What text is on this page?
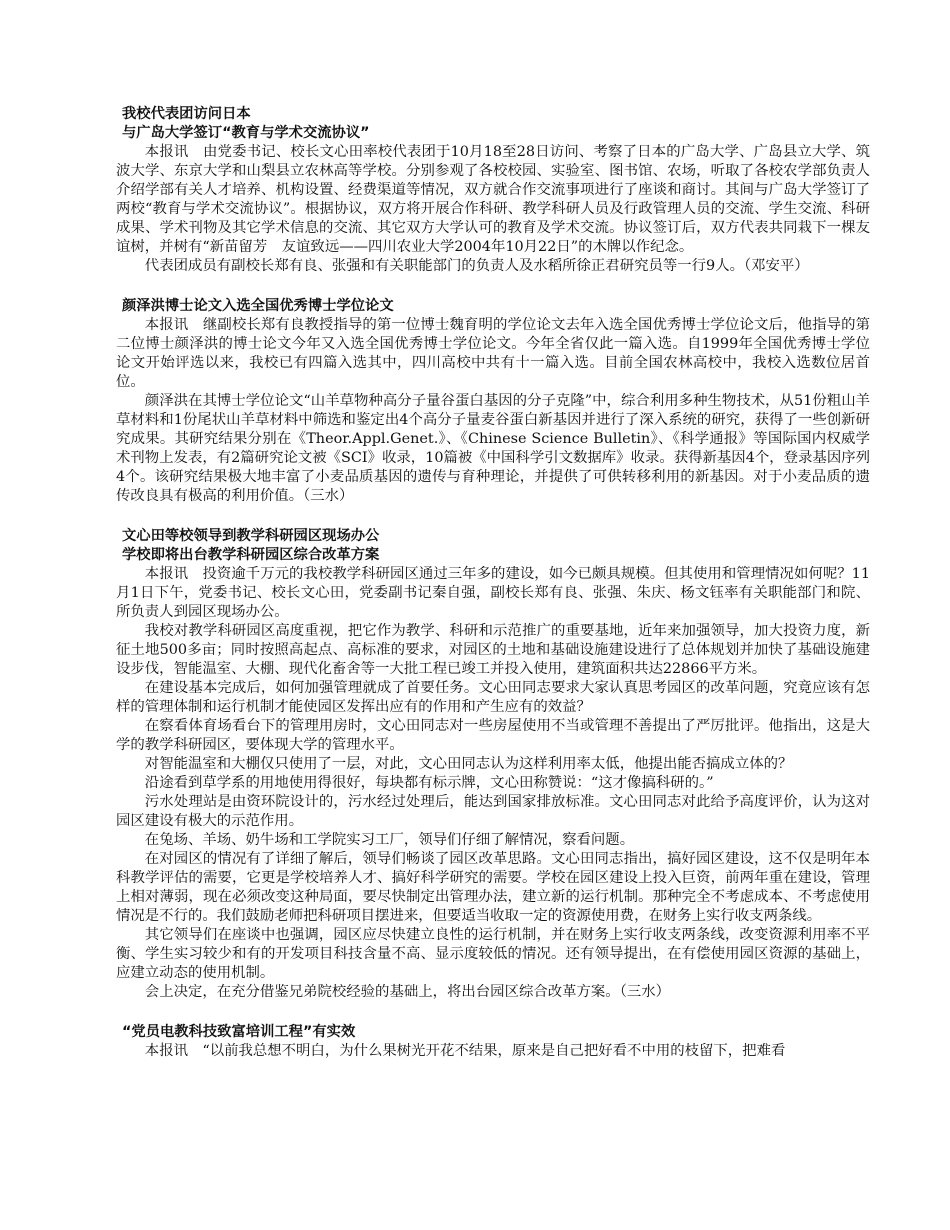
我校代表团访问日本

与广岛大学签订“教育与学术交流协议”

本报讯　由党委书记、校长文心田率校代表团于10月18至28日访问、考察了日本的广岛大学、广岛县立大学、筑波大学、东京大学和山梨县立农林高等学校。分别参观了各校校园、实验室、图书馆、农场，听取了各校农学部负责人介绍学部有关人才培养、机构设置、经费渠道等情况，双方就合作交流事项进行了座谈和商讨。其间与广岛大学签订了两校“教育与学术交流协议”。根据协议，双方将开展合作科研、教学科研人员及行政管理人员的交流、学生交流、科研成果、学术刊物及其它学术信息的交流、其它双方大学认可的教育及学术交流。协议签订后，双方代表共同栽下一棵友谊树，并树有“新苗留芳　友谊致远——四川农业大学2004年10月22日”的木牌以作纪念。

代表团成员有副校长郑有良、张强和有关职能部门的负责人及水稻所徐正君研究员等一行9人。（邓安平）

颜泽洪博士论文入选全国优秀博士学位论文

本报讯　继副校长郑有良教授指导的第一位博士魏育明的学位论文去年入选全国优秀博士学位论文后，他指导的第二位博士颜泽洪的博士论文今年又入选全国优秀博士学位论文。今年全省仅此一篇入选。自1999年全国优秀博士学位论文开始评选以来，我校已有四篇入选其中，四川高校中共有十一篇入选。目前全国农林高校中，我校入选数位居首位。

颜泽洪在其博士学位论文“山羊草物种高分子量谷蛋白基因的分子克隆”中，综合利用多种生物技术，从51份粗山羊草材料和1份尾状山羊草材料中筛选和鉴定出4个高分子量麦谷蛋白新基因并进行了深入系统的研究，获得了一些创新研究成果。其研究结果分别在《Theor.Appl.Genet.》、《Chinese Science Bulletin》、《科学通报》等国际国内权威学术刊物上发表，有2篇研究论文被《SCI》收录，10篇被《中国科学引文数据库》收录。获得新基因4个，登录基因序列4个。该研究结果极大地丰富了小麦品质基因的遗传与育种理论，并提供了可供转移利用的新基因。对于小麦品质的遗传改良具有极高的利用价值。（三水）

文心田等校领导到教学科研园区现场办公

学校即将出台教学科研园区综合改革方案

本报讯　投资逾千万元的我校教学科研园区通过三年多的建设，如今已颇具规模。但其使用和管理情况如何呢？11月1日下午，党委书记、校长文心田，党委副书记秦自强，副校长郑有良、张强、朱庆、杨文钰率有关职能部门和院、所负责人到园区现场办公。

我校对教学科研园区高度重视，把它作为教学、科研和示范推广的重要基地，近年来加强领导，加大投资力度，新征土地500多亩；同时按照高起点、高标准的要求，对园区的土地和基础设施建设进行了总体规划并加快了基础设施建设步伐，智能温室、大棚、现代化畜舍等一大批工程已竣工并投入使用，建筑面积共达22866平方米。

在建设基本完成后，如何加强管理就成了首要任务。文心田同志要求大家认真思考园区的改革问题，究竟应该有怎样的管理体制和运行机制才能使园区发挥出应有的作用和产生应有的效益？

在察看体育场看台下的管理用房时，文心田同志对一些房屋使用不当或管理不善提出了严厉批评。他指出，这是大学的教学科研园区，要体现大学的管理水平。

对智能温室和大棚仅只使用了一层，对此，文心田同志认为这样利用率太低，他提出能否搞成立体的？

沿途看到草学系的用地使用得很好，每块都有标示牌，文心田称赞说：“这才像搞科研的。”

污水处理站是由资环院设计的，污水经过处理后，能达到国家排放标准。文心田同志对此给予高度评价，认为这对园区建设有极大的示范作用。

在兔场、羊场、奶牛场和工学院实习工厂，领导们仔细了解情况，察看问题。

在对园区的情况有了详细了解后，领导们畅谈了园区改革思路。文心田同志指出，搞好园区建设，这不仅是明年本科教学评估的需要，它更是学校培养人才、搞好科学研究的需要。学校在园区建设上投入巨资，前两年重在建设，管理上相对薄弱，现在必须改变这种局面，要尽快制定出管理办法，建立新的运行机制。那种完全不考虑成本、不考虑使用情况是不行的。我们鼓励老师把科研项目摆进来，但要适当收取一定的资源使用费，在财务上实行收支两条线。

其它领导们在座谈中也强调，园区应尽快建立良性的运行机制，并在财务上实行收支两条线，改变资源利用率不平衡、学生实习较少和有的开发项目科技含量不高、显示度较低的情况。还有领导提出，在有偿使用园区资源的基础上，应建立动态的使用机制。

会上决定，在充分借鉴兄弟院校经验的基础上，将出台园区综合改革方案。（三水）

“党员电教科技致富培训工程”有实效

本报讯　“以前我总想不明白，为什么果树光开花不结果，原来是自己把好看不中用的枝留下，把难看
